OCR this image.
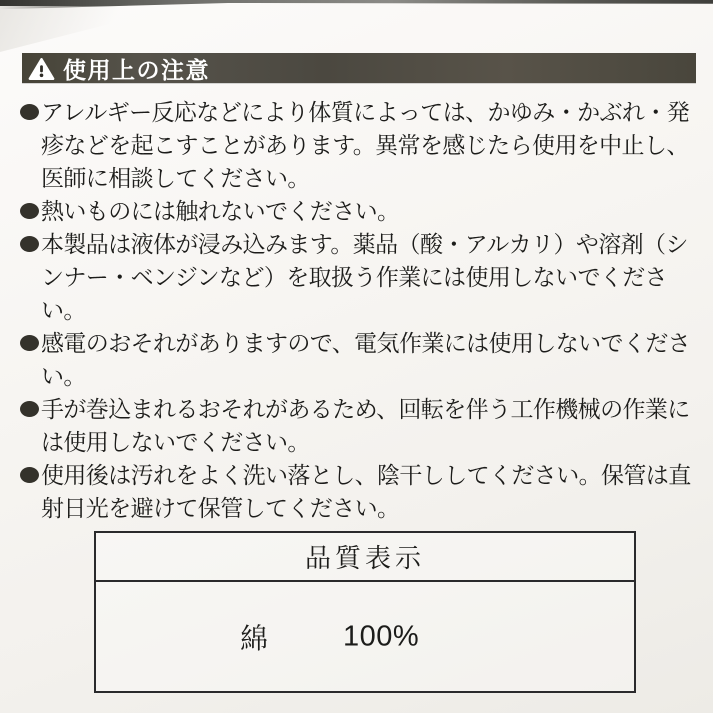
使用上の注意
アレルギー反応などにより体質によっては、かゆみ・かぶれ・発疹などを起こすことがあります。異常を感じたら使用を中止し、医師に相談してください。
熱いものには触れないでください。
本製品は液体が浸み込みます。薬品（酸・アルカリ）や溶剤（シンナー・ベンジンなど）を取扱う作業には使用しないでください。
感電のおそれがありますので、電気作業には使用しないでください。
手が巻込まれるおそれがあるため、回転を伴う工作機械の作業には使用しないでください。
使用後は汚れをよく洗い落とし、陰干ししてください。保管は直射日光を避けて保管してください。
品質表示
綿	100%
